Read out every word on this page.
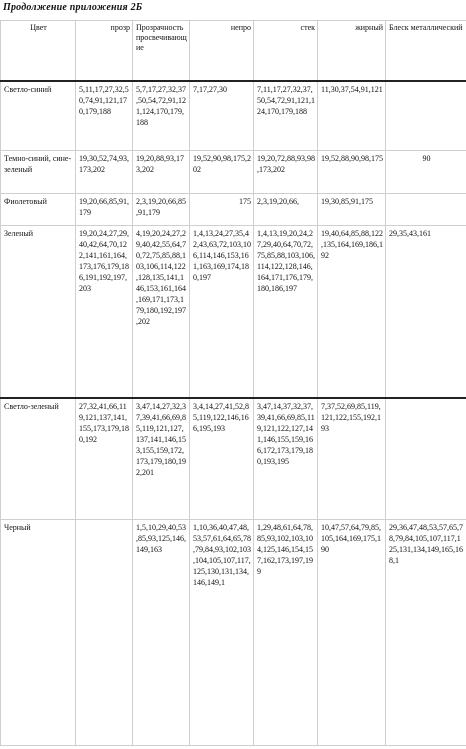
Продолжение приложения 2Б
Цвет	прозр	Прозрачность просвечивающие	непро	стек	жирный	Блеск металлический
Светло-синий	5,11,17,27,32,50,74,91,121,170,179,188	5,7,17,27,32,37,50,54,72,91,121,124,170,179,188	7,17,27,30	7,11,17,27,32,37,50,54,72,91,121,124,170,179,188	11,30,37,54,91,121	
Темно-синий, сине-зеленый	19,30,52,74,93,173,202	19,20,88,93,173,202	19,52,90,98,175,202	19,20,72,88,93,98,173,202	19,52,88,90,98,175	90
Фиолетовый	19,20,66,85,91,179	2,3,19,20,66,85,91,179	175	2,3,19,20,66,	19,30,85,91,175	
Зеленый	19,20,24,27,29,40,42,64,70,122,141,161,164,173,176,179,186,191,192,197,203	4,19,20,24,27,29,40,42,55,64,70,72,75,85,88,103,106,114,122,128,135,141,146,153,161,164,169,171,173,179,180,192,197,202	1,4,13,24,27,35,42,43,63,72,103,106,114,146,153,161,163,169,174,180,197	1,4,13,19,20,24,27,29,40,64,70,72,75,85,88,103,106,114,122,128,146,164,171,176,179,180,186,197	19,40,64,85,88,122,135,164,169,186,192	29,35,43,161
Светло-зеленый	27,32,41,66,119,121,137,141,155,173,179,180,192	3,47,14,27,32,37,39,41,66,69,85,119,121,127,137,141,146,153,155,159,172,173,179,180,192,201	3,4,14,27,41,52,85,119,122,146,166,195,193	3,47,14,37,32,37,39,41,66,69,85,119,121,122,127,141,146,155,159,166,172,173,179,180,193,195	7,37,52,69,85,119,121,122,155,192,193	
Черный		1,5,10,29,40,53,85,93,125,146,149,163	1,10,36,40,47,48,53,57,61,64,65,78,79,84,93,102,103,104,105,107,117,125,130,131,134,146,149,1	1,29,48,61,64,78,85,93,102,103,104,125,146,154,157,162,173,197,199	10,47,57,64,79,85,105,164,169,175,190	29,36,47,48,53,57,65,78,79,84,105,107,117,125,131,134,149,165,168,1
